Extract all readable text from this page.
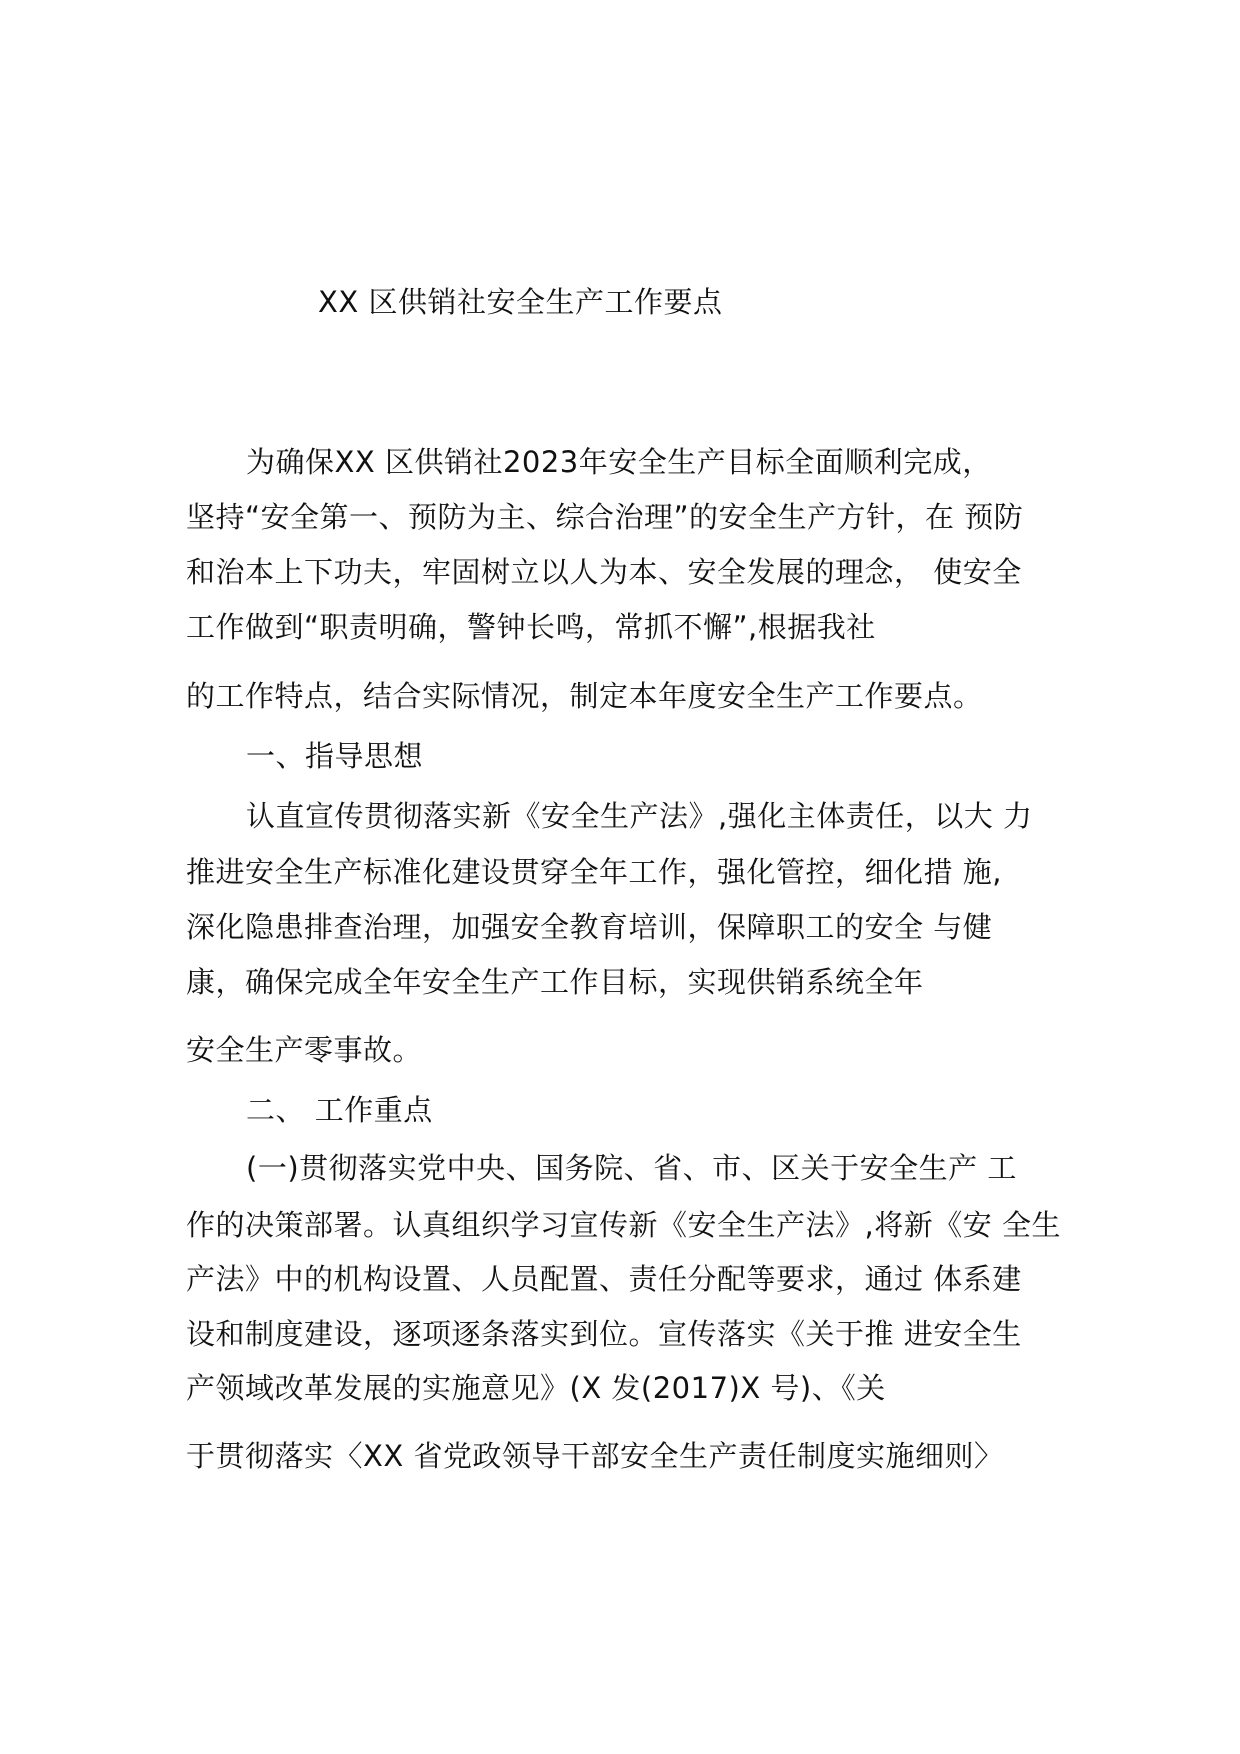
XX 区供销社安全生产工作要点
为确保XX 区供销社2023年安全生产目标全面顺利完成，
坚持“安全第一、预防为主、综合治理”的安全生产方针，在 预防
和治本上下功夫，牢固树立以人为本、安全发展的理念， 使安全
工作做到“职责明确，警钟长鸣，常抓不懈”,根据我社
的工作特点，结合实际情况，制定本年度安全生产工作要点。
一、指导思想
认直宣传贯彻落实新《安全生产法》,强化主体责任，以大 力
推进安全生产标准化建设贯穿全年工作，强化管控，细化措 施,
深化隐患排查治理，加强安全教育培训，保障职工的安全 与健
康，确保完成全年安全生产工作目标，实现供销系统全年
安全生产零事故。
二、 工作重点
(一)贯彻落实党中央、国务院、省、市、区关于安全生产 工
作的决策部署。认真组织学习宣传新《安全生产法》,将新《安 全生
产法》中的机构设置、人员配置、责任分配等要求，通过 体系建
设和制度建设，逐项逐条落实到位。宣传落实《关于推 进安全生
产领域改革发展的实施意见》(X 发(2017)X 号)、《关
于贯彻落实〈XX 省党政领导干部安全生产责任制度实施细则〉
